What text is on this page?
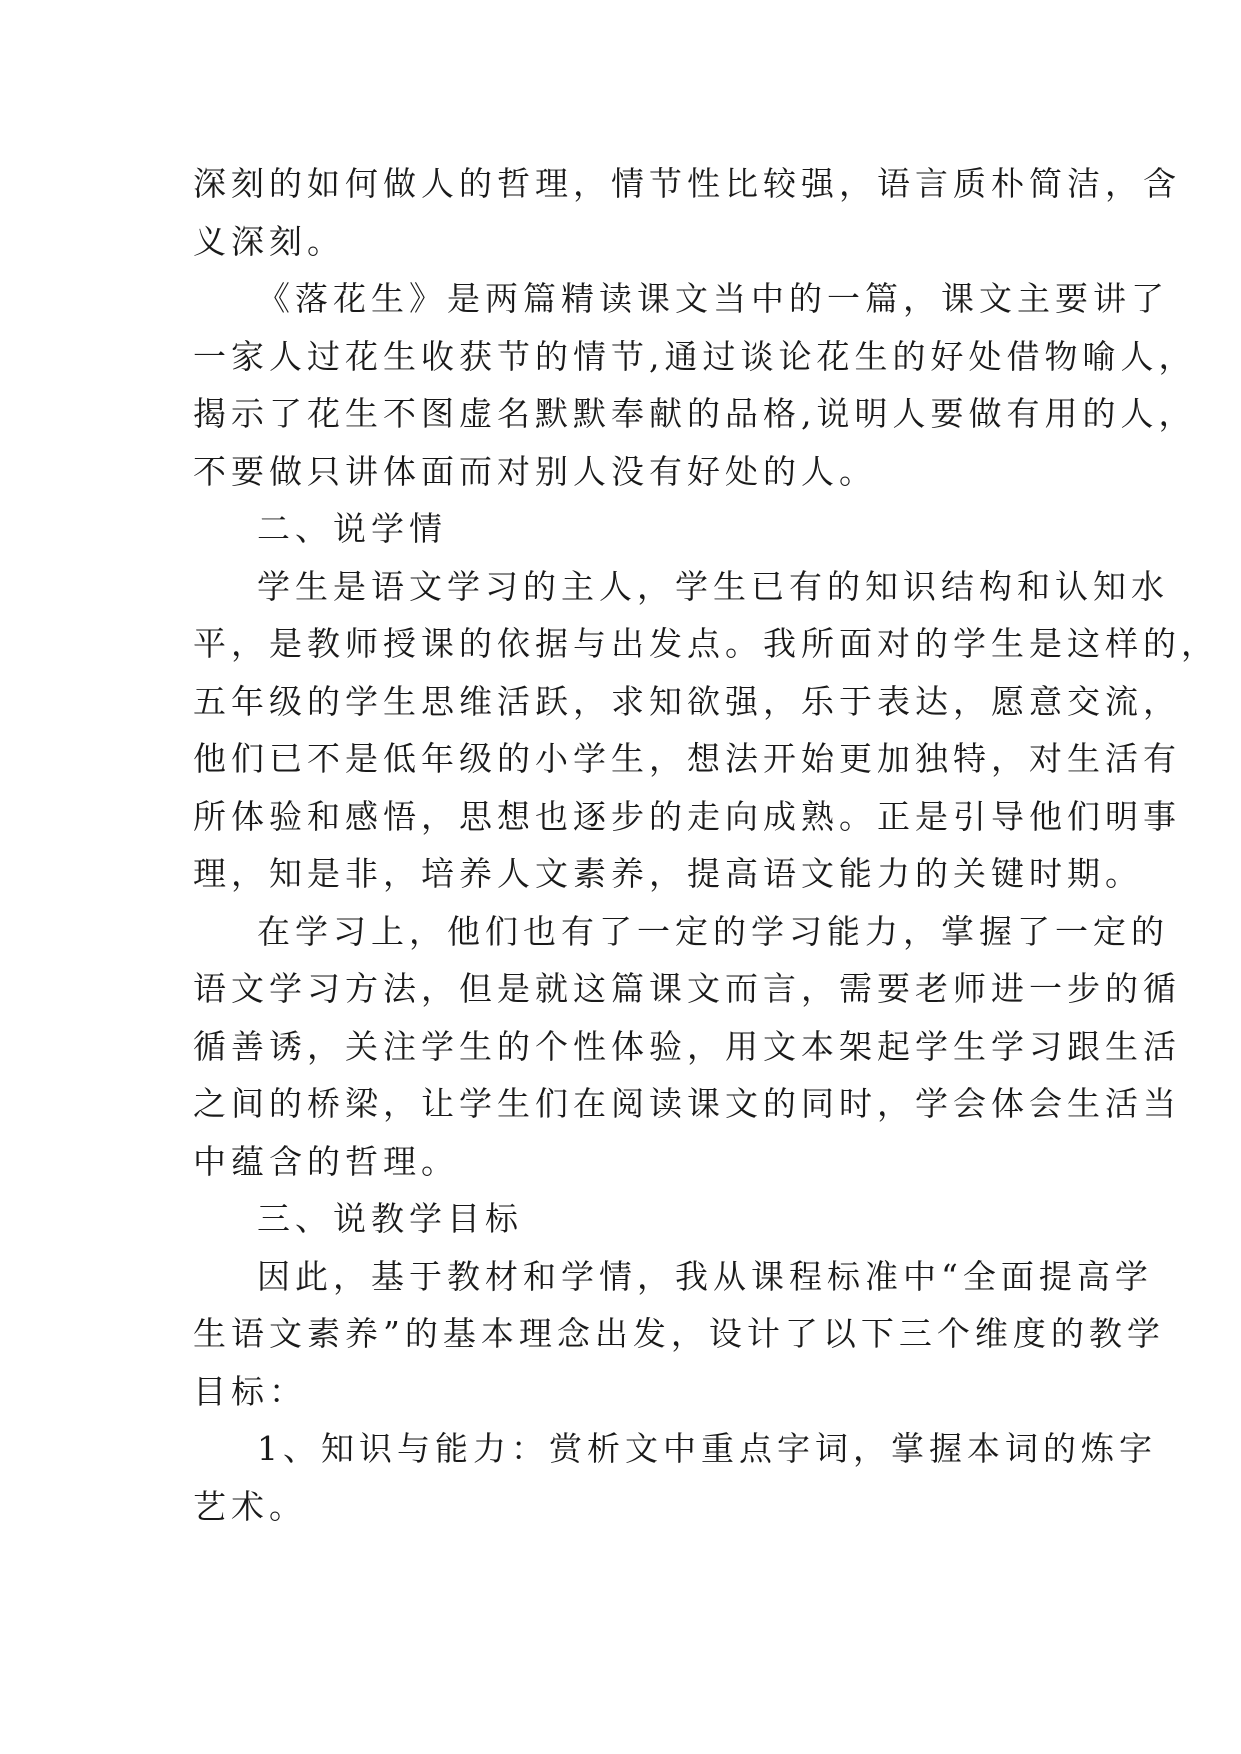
深刻的如何做人的哲理，情节性比较强，语言质朴简洁，含
义深刻。
《落花生》是两篇精读课文当中的一篇，课文主要讲了
一家人过花生收获节的情节,通过谈论花生的好处借物喻人，
揭示了花生不图虚名默默奉献的品格,说明人要做有用的人，
不要做只讲体面而对别人没有好处的人。
二、说学情
学生是语文学习的主人，学生已有的知识结构和认知水
平，是教师授课的依据与出发点。我所面对的学生是这样的，
五年级的学生思维活跃，求知欲强，乐于表达，愿意交流，
他们已不是低年级的小学生，想法开始更加独特，对生活有
所体验和感悟，思想也逐步的走向成熟。正是引导他们明事
理，知是非，培养人文素养，提高语文能力的关键时期。
在学习上，他们也有了一定的学习能力，掌握了一定的
语文学习方法，但是就这篇课文而言，需要老师进一步的循
循善诱，关注学生的个性体验，用文本架起学生学习跟生活
之间的桥梁，让学生们在阅读课文的同时，学会体会生活当
中蕴含的哲理。
三、说教学目标
因此，基于教材和学情，我从课程标准中“全面提高学
生语文素养”的基本理念出发，设计了以下三个维度的教学
目标：
1、知识与能力：赏析文中重点字词，掌握本词的炼字
艺术。
